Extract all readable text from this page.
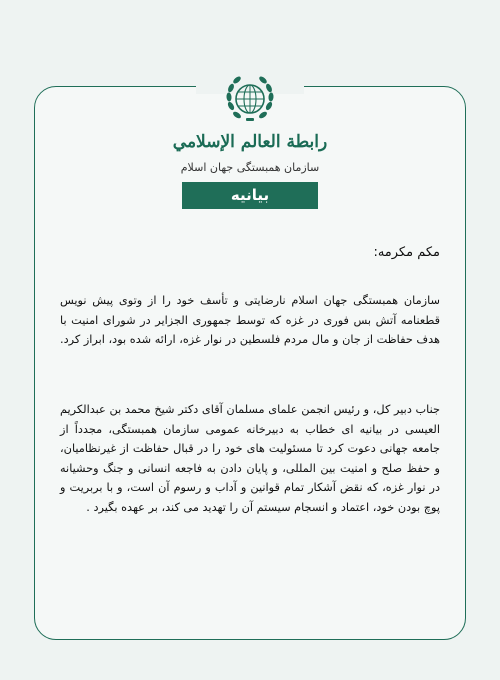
رابطة العالم الإسلامي
سازمان همبستگی جهان اسلام
بیانیه
مکم مکرمه:
سازمان همبستگی جهان اسلام نارضایتی و تأسف خود را از وتوی پیش نویس قطعنامه آتش بس فوری در غزه که توسط جمهوری الجزایر در شورای امنیت با هدف حفاظت از جان و مال مردم فلسطین در نوار غزه، ارائه شده بود، ابراز کرد.
جناب دبیر کل، و رئیس انجمن علمای مسلمان آقای دکتر شیخ محمد بن عبدالکریم العیسی در بیانیه ای خطاب به دبیرخانه عمومی سازمان همبستگی، مجدداً از جامعه جهانی دعوت کرد تا مسئولیت های خود را در قبال حفاظت از غیرنظامیان، و حفظ صلح و امنیت بین المللی، و پایان دادن به فاجعه انسانی و جنگ وحشیانه در نوار غزه، که نقض آشکار تمام قوانین و آداب و رسوم آن است، و با بربریت و پوچ بودن خود، اعتماد و انسجام سیستم آن را تهدید می کند، بر عهده بگیرد .
